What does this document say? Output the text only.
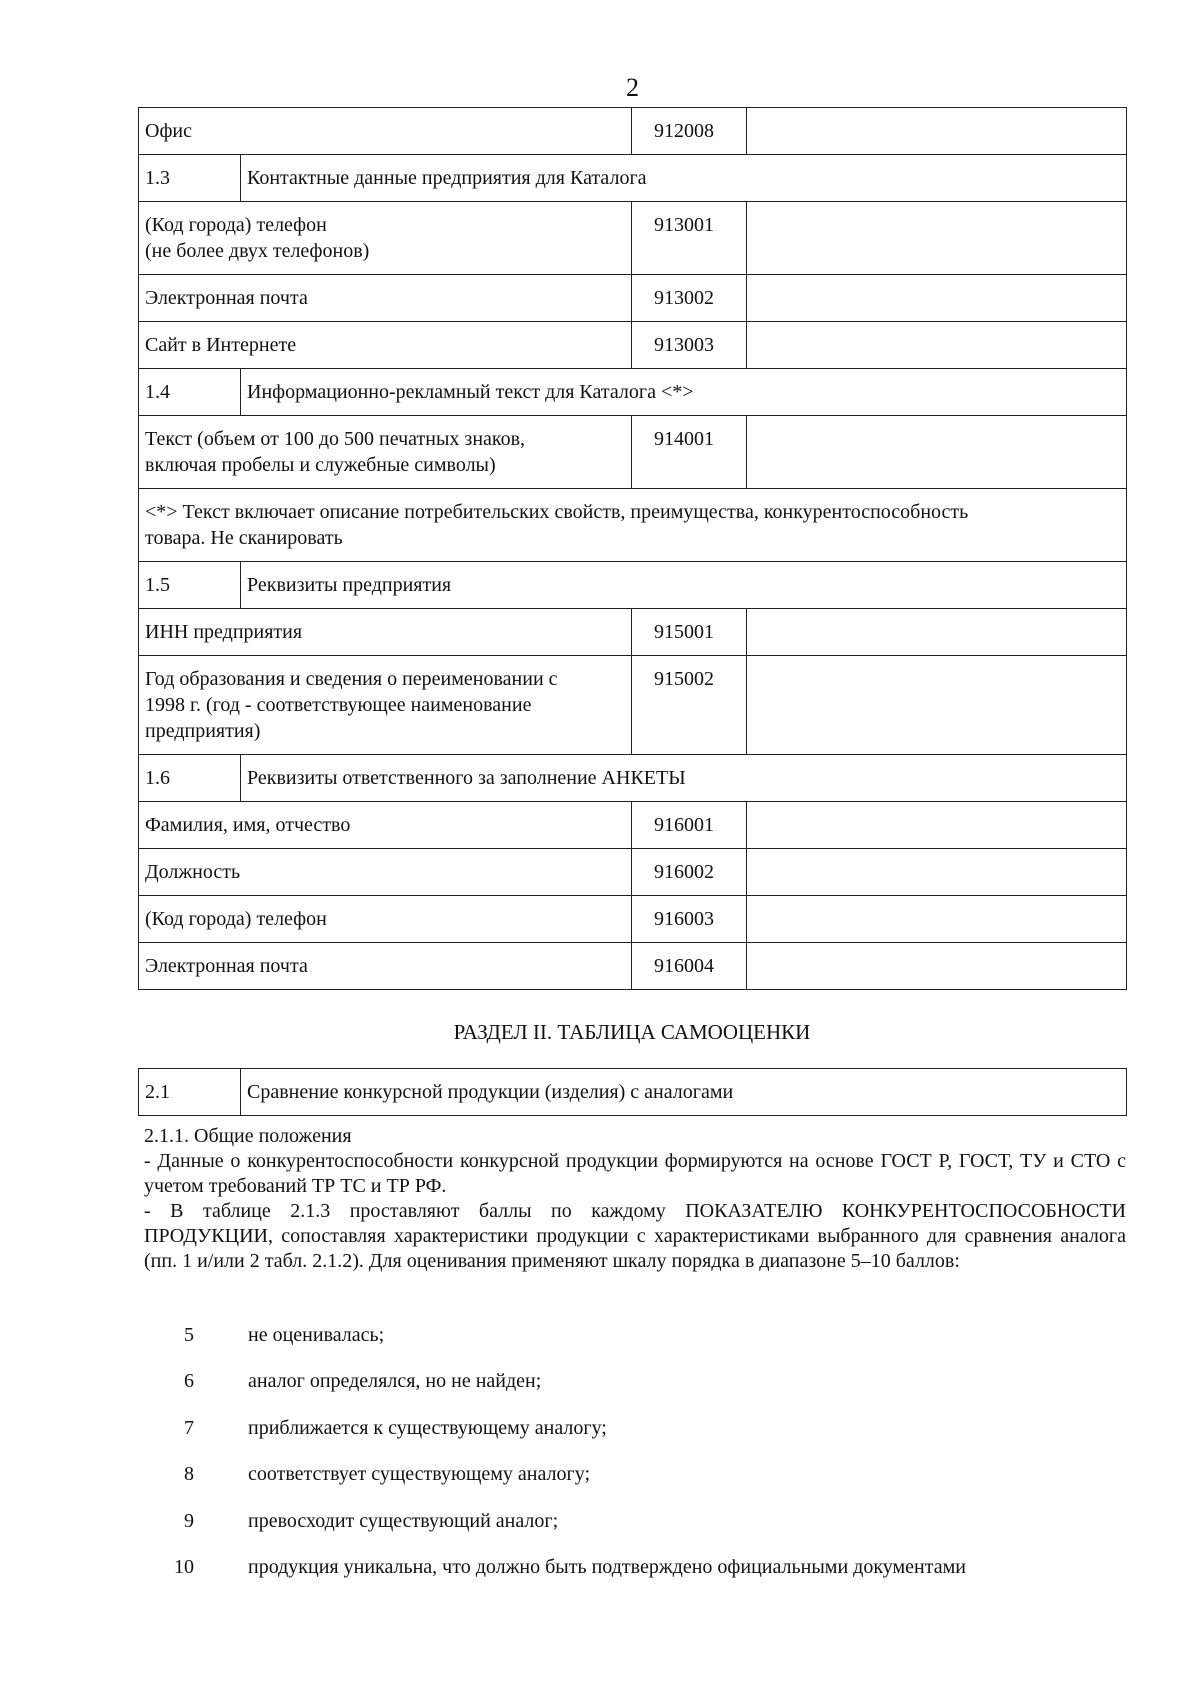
2
Офис		912008	
1.3	Контактные данные предприятия для Каталога		
(Код города) телефон
(не более двух телефонов)		913001	
Электронная почта		913002	
Сайт в Интернете		913003	
1.4	Информационно-рекламный текст для Каталога <*>		
Текст (объем от 100 до 500 печатных знаков,
включая пробелы и служебные символы)		914001	
<*> Текст включает описание потребительских свойств, преимущества, конкурентоспособность
товара. Не сканировать			
1.5	Реквизиты предприятия		
ИНН предприятия		915001	
Год образования и сведения о переименовании с
1998 г. (год - соответствующее наименование
предприятия)		915002	
1.6	Реквизиты ответственного за заполнение АНКЕТЫ		
Фамилия, имя, отчество		916001	
Должность		916002	
(Код города) телефон		916003	
Электронная почта		916004	
РАЗДЕЛ II. ТАБЛИЦА САМООЦЕНКИ
2.1	Сравнение конкурсной продукции (изделия) с аналогами

2.1.1. Общие положения

- Данные о конкурентоспособности конкурсной продукции формируются на основе ГОСТ Р, ГОСТ, ТУ и СТО с учетом требований ТР ТС и ТР РФ.

- В таблице 2.1.3 проставляют баллы по каждому ПОКАЗАТЕЛЮ КОНКУРЕНТОСПОСОБНОСТИ ПРОДУКЦИИ, сопоставляя характеристики продукции с характеристиками выбранного для сравнения аналога (пп. 1 и/или 2 табл. 2.1.2). Для оценивания применяют шкалу порядка в диапазоне 5–10 баллов:

5	не оценивалась;
6	аналог определялся, но не найден;
7	приближается к существующему аналогу;
8	соответствует существующему аналогу;
9	превосходит существующий аналог;
10	продукция уникальна, что должно быть подтверждено официальными документами
